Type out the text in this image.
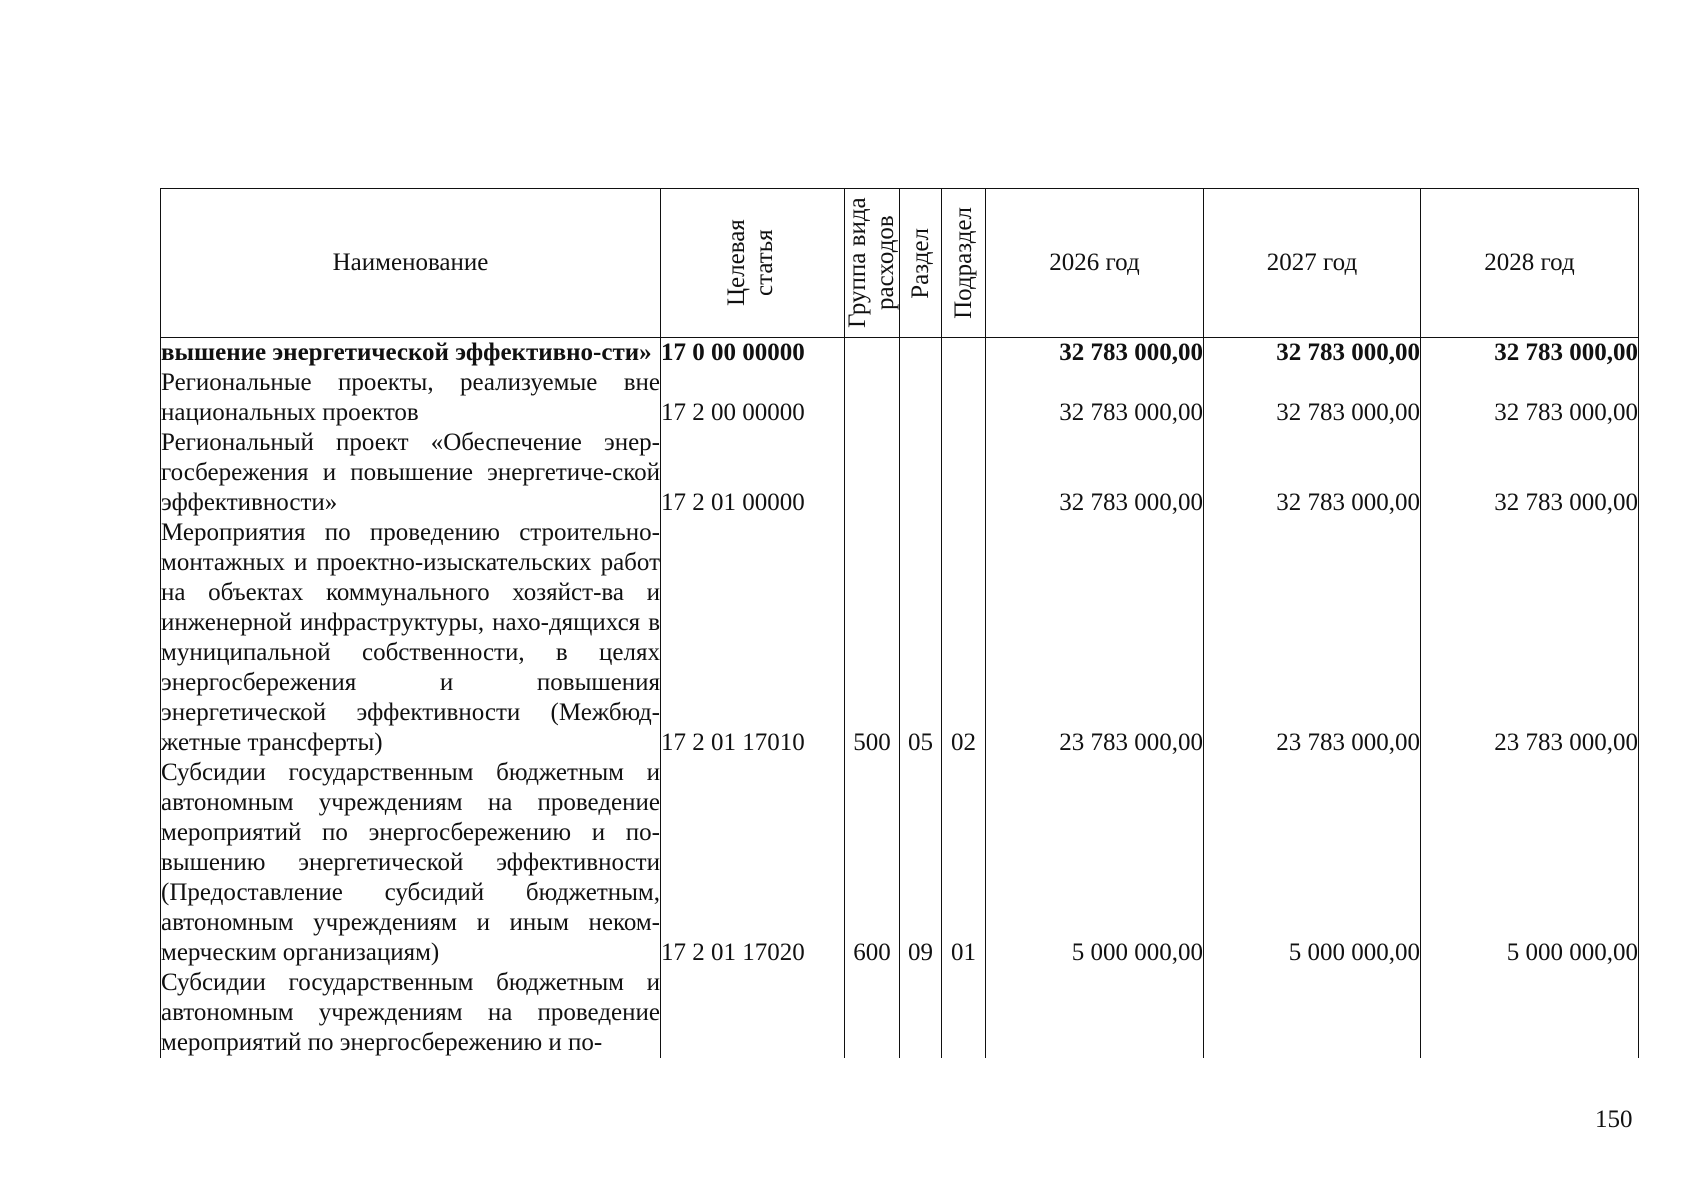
Наименование	Целевая статья	Группа вида расходов	Раздел	Подраздел	2026 год	2027 год	2028 год
вышение энергетической эффективно-сти»	17 0 00 00000				32 783 000,00	32 783 000,00	32 783 000,00
Региональные проекты, реализуемые вне национальных проектов	17 2 00 00000				32 783 000,00	32 783 000,00	32 783 000,00
Региональный проект «Обеспечение энер-госбережения и повышение энергетиче-ской эффективности»	17 2 01 00000				32 783 000,00	32 783 000,00	32 783 000,00
Мероприятия по проведению строительно-монтажных и проектно-изыскательских работ на объектах коммунального хозяйст-ва и инженерной инфраструктуры, нахо-дящихся в муниципальной собственности, в целях энергосбережения и повышения энергетической эффективности (Межбюд-жетные трансферты)	17 2 01 17010	500	05	02	23 783 000,00	23 783 000,00	23 783 000,00
Субсидии государственным бюджетным и автономным учреждениям на проведение мероприятий по энергосбережению и по-вышению энергетической эффективности (Предоставление субсидий бюджетным, автономным учреждениям и иным неком-мерческим организациям)	17 2 01 17020	600	09	01	5 000 000,00	5 000 000,00	5 000 000,00
Субсидии государственным бюджетным и автономным учреждениям на проведение мероприятий по энергосбережению и по-							
150
